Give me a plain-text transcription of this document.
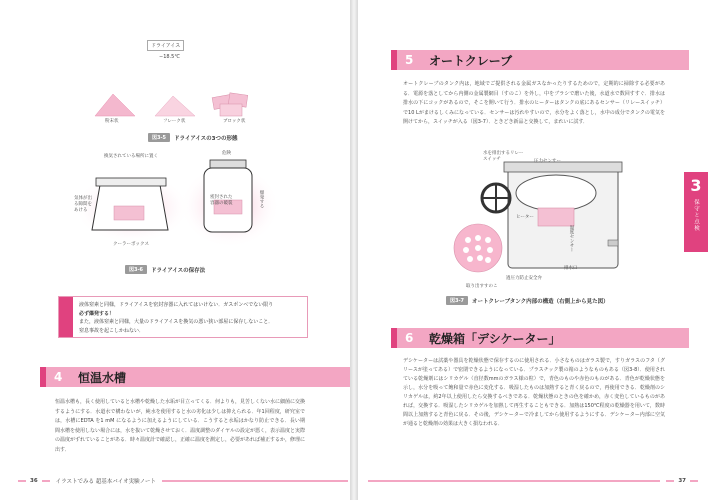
ドライアイス
−18.5℃
粉末状	フレーク状	ブロック状
図3-5	ドライアイスの3つの形態
換気されている場所に置く
気体が出る隙間をあける
クーラーボックス
危険
密封された容器の破裂	爆発する
図3-6	ドライアイスの保存法
液体窒素と同様，ドライアイスを密封容器に入れてはいけない．ガスボンベでない限り
必ず爆発する！
また，液体窒素と同様，大量のドライアイスを換気の悪い狭い部屋に保存しないこと．
窒息事故を起こしかねない．
4	恒温水槽
恒温水槽も，長く使用していると水槽や乾燥した水垢が目立ってくる．何よりも，見苦しくない水に細菌に交換するようにする．水道水で構わないが，純水を使用すると水の劣化は少しは抑えられる．年1回程度，研究室では，水槽にEDTA を1 mM になるように加えるようにしている．こうすると水垢はかなり防止できる．長い期間水槽を使用しない場合には，水を抜いて乾燥させておく．温度調整のダイヤルの設定が悪く，表示温度と実際の温度がずれていることがある．時々温度計で確認し，正確に温度を測定し，必要があれば補正するか，修理に出す．
36	イラストでみる 超基本バイオ実験ノート
5	オートクレーブ
オートクレーブのタンク内は，地域でご提供される金属ガスなかったりするためので，定期的に掃除する必要がある．電源を落としてから内側の金属製網目（すのこ）を外し，中をブラシで磨いた後，水道水で数回すすぐ．排水は排水の下にコックがあるので，そこを開いて行う．排水のヒーターはタンクの底にあるセンサー（リレースイッチ）で10 Lがまけるしくみになっている．センサーは汚れやすいので，水分をよく落とし，水中の成分でタンクの電気を開けてから，スイッチが入る（図3-7）．ときどき新品と交換して，まれいに試す．
水を排出するリレースイッチ	圧力センサー
ヒーター
排水口
温度センサー
取り出すすのこ
過圧力防止安全弁
図3-7	オートクレーブタンク内部の構造（右側上から見た図）
6	乾燥箱「デシケーター」
デシケーターは試薬や器具を乾燥状態で保存するのに使用される．小さなものはガラス製で，すりガラスのフタ（グリースが塗ってある）で密閉できるようになっている．プラスチック製の箱のようなものもある（図3-8）．使用されている乾燥剤にはシリカゲル（直径数mmのガラス様の粒）で，青色のものや赤色のものがある．青色が乾燥状態を示し，水分を吸って飽和量で赤色に変化する．吸湿したものは加熱すると青く戻るので，再使用できる．乾燥剤のシリカゲルは，約2年以上使用したら交換するべきである．乾燥状態のときの色を確かめ，赤く変色しているものがあれば，交換する．吸湿したシリカゲルを加熱して再生することもできる．加熱は150℃程度の乾燥器を用いて，数時間以上加熱すると青色に戻る．その後，デシケーターで冷ましてから使用するようにする．デシケーター内部に空気が通ると乾燥剤の効果は大きく損なわれる．
3
保守と点検
37
